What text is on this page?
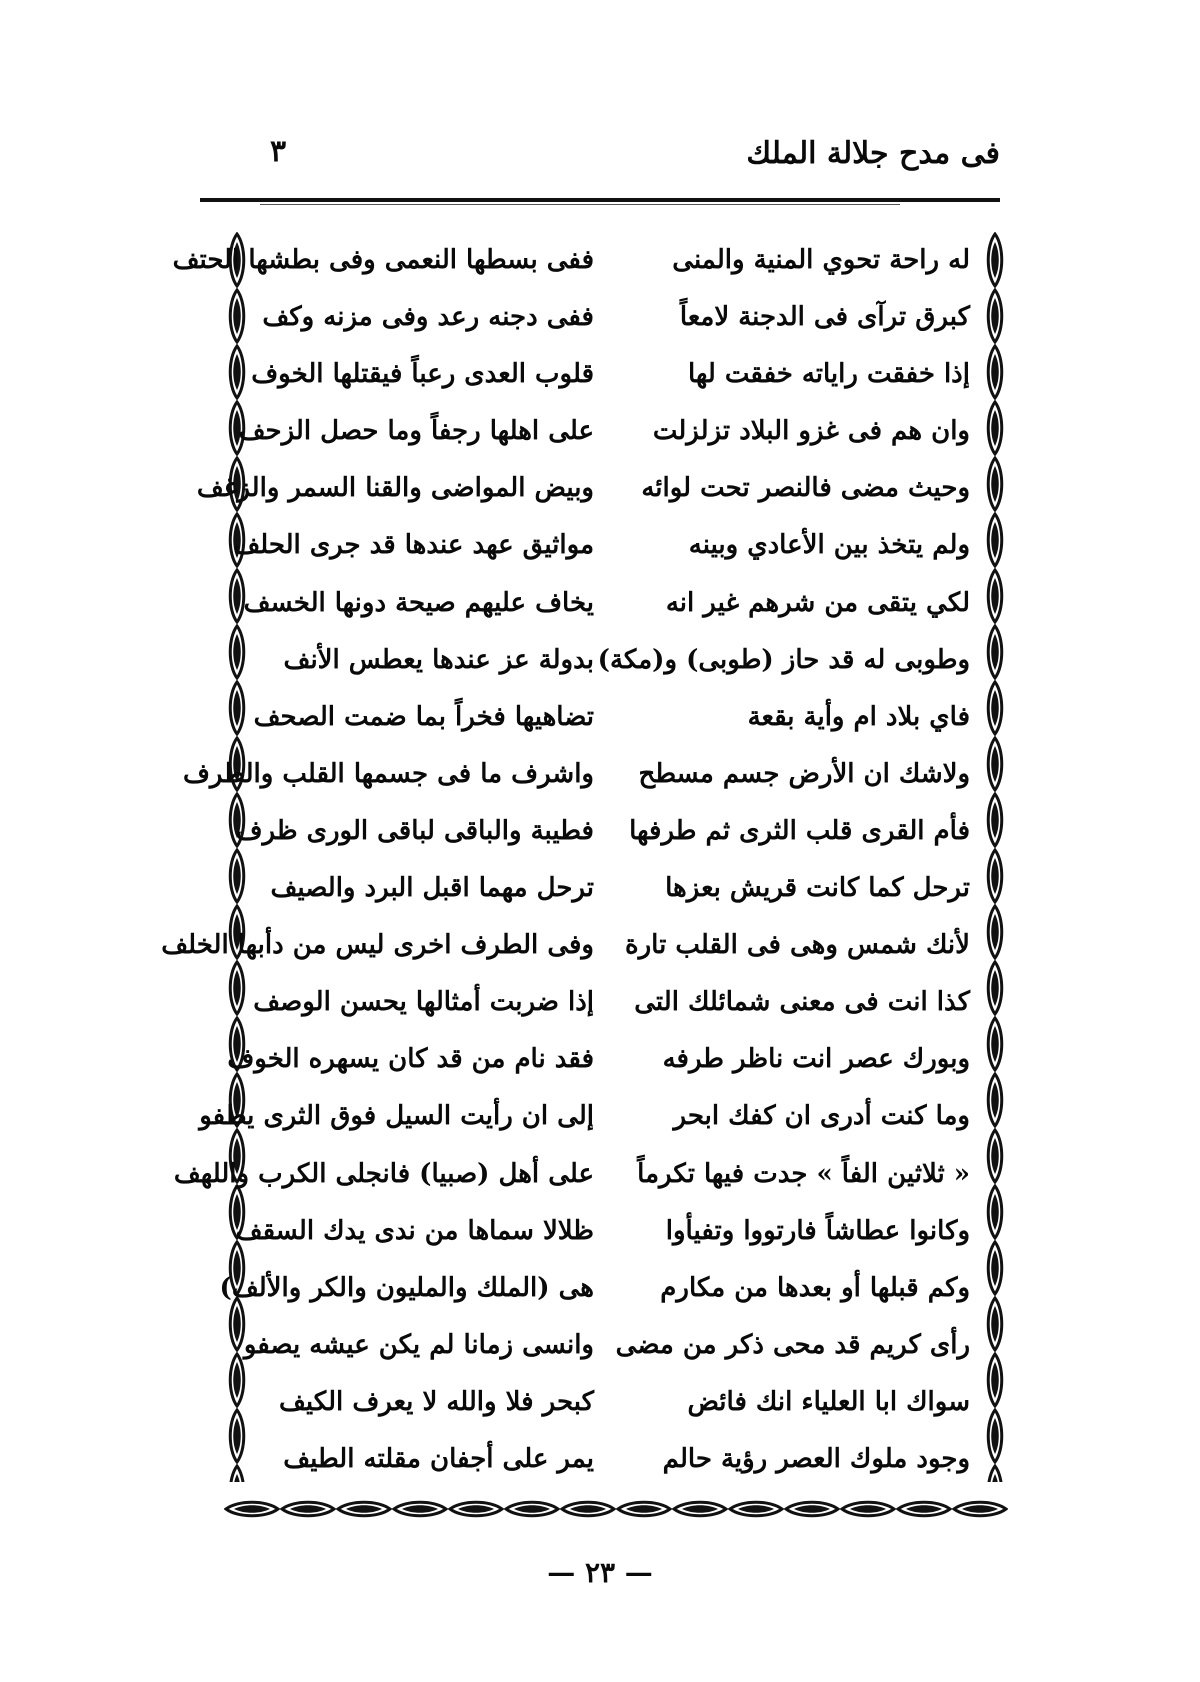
٣	فى مدح جلالة الملك
له راحة تحوي المنية والمنى
كبرق ترآى فى الدجنة لامعاً
إذا خفقت راياته خفقت لها
وان هم فى غزو البلاد تزلزلت
وحيث مضى فالنصر تحت لوائه
ولم يتخذ بين الأعادي وبينه
لكي يتقى من شرهم غير انه
وطوبى له قد حاز (طوبى) و(مكة)
فاي بلاد ام وأية بقعة
ولاشك ان الأرض جسم مسطح
فأم القرى قلب الثرى ثم طرفها
ترحل كما كانت قريش بعزها
لأنك شمس وهى فى القلب تارة
كذا انت فى معنى شمائلك التى
وبورك عصر انت ناظر طرفه
وما كنت أدرى ان كفك ابحر
« ثلاثين الفاً » جدت فيها تكرماً
وكانوا عطاشاً فارتووا وتفيأوا
وكم قبلها أو بعدها من مكارم
رأى كريم قد محى ذكر من مضى
سواك ابا العلياء انك فائض
وجود ملوك العصر رؤية حالم
ففى بسطها النعمى وفى بطشها الحتف
ففى دجنه رعد وفى مزنه وكف
قلوب العدى رعباً فيقتلها الخوف
على اهلها رجفاً وما حصل الزحف
وبيض المواضى والقنا السمر والزغف
مواثيق عهد عندها قد جرى الحلف
يخاف عليهم صيحة دونها الخسف
بدولة عز عندها يعطس الأنف
تضاهيها فخراً بما ضمت الصحف
واشرف ما فى جسمها القلب والطرف
فطيبة والباقى لباقى الورى ظرف
ترحل مهما اقبل البرد والصيف
وفى الطرف اخرى ليس من دأبها الخلف
إذا ضربت أمثالها يحسن الوصف
فقد نام من قد كان يسهره الخوف
إلى ان رأيت السيل فوق الثرى يطفو
على أهل (صبيا) فانجلى الكرب واللهف
ظلالا سماها من ندى يدك السقف
هى (الملك والمليون والكر والألف)
وانسى زمانا لم يكن عيشه يصفو
كبحر فلا والله لا يعرف الكيف
يمر على أجفان مقلته الطيف
— ٢٣ —
